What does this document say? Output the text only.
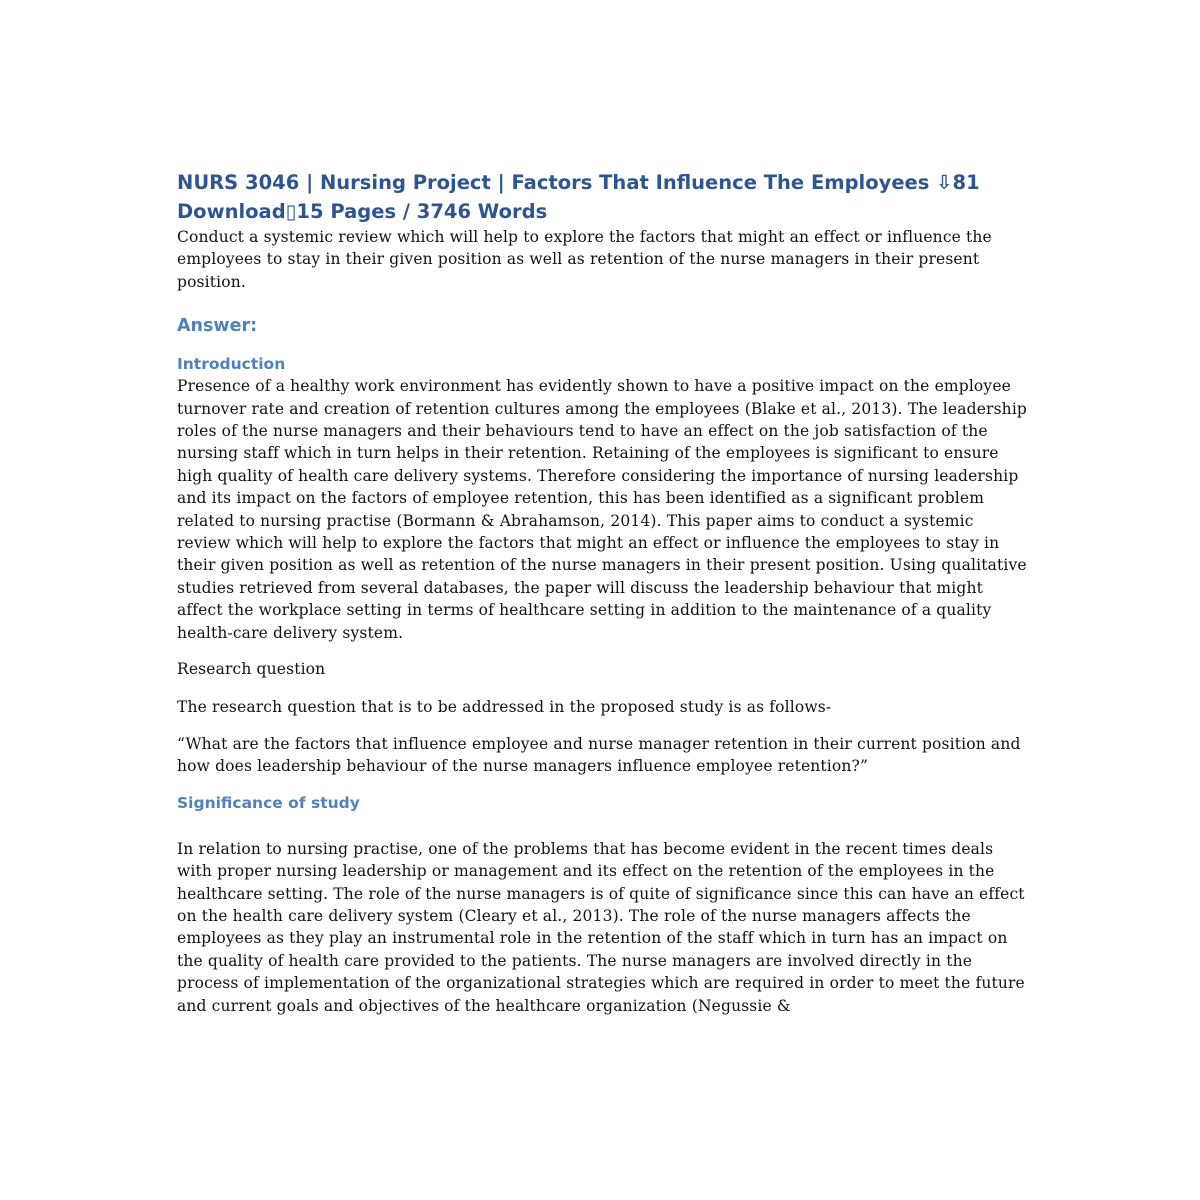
NURS 3046 | Nursing Project | Factors That Influence The Employees ⇩81
Download▯15 Pages / 3746 Words

Conduct a systemic review which will help to explore the factors that might an effect or influence the employees to stay in their given position as well as retention of the nurse managers in their present position.

Answer:
Introduction

Presence of a healthy work environment has evidently shown to have a positive impact on the employee turnover rate and creation of retention cultures among the employees (Blake et al., 2013). The leadership roles of the nurse managers and their behaviours tend to have an effect on the job satisfaction of the nursing staff which in turn helps in their retention. Retaining of the employees is significant to ensure high quality of health care delivery systems. Therefore considering the importance of nursing leadership and its impact on the factors of employee retention, this has been identified as a significant problem related to nursing practise (Bormann & Abrahamson, 2014). This paper aims to conduct a systemic review which will help to explore the factors that might an effect or influence the employees to stay in their given position as well as retention of the nurse managers in their present position. Using qualitative studies retrieved from several databases, the paper will discuss the leadership behaviour that might affect the workplace setting in terms of healthcare setting in addition to the maintenance of a quality health-care delivery system.

Research question

The research question that is to be addressed in the proposed study is as follows-

“What are the factors that influence employee and nurse manager retention in their current position and how does leadership behaviour of the nurse managers influence employee retention?”

Significance of study

In relation to nursing practise, one of the problems that has become evident in the recent times deals with proper nursing leadership or management and its effect on the retention of the employees in the healthcare setting. The role of the nurse managers is of quite of significance since this can have an effect on the health care delivery system (Cleary et al., 2013). The role of the nurse managers affects the employees as they play an instrumental role in the retention of the staff which in turn has an impact on the quality of health care provided to the patients. The nurse managers are involved directly in the process of implementation of the organizational strategies which are required in order to meet the future and current goals and objectives of the healthcare organization (Negussie &
